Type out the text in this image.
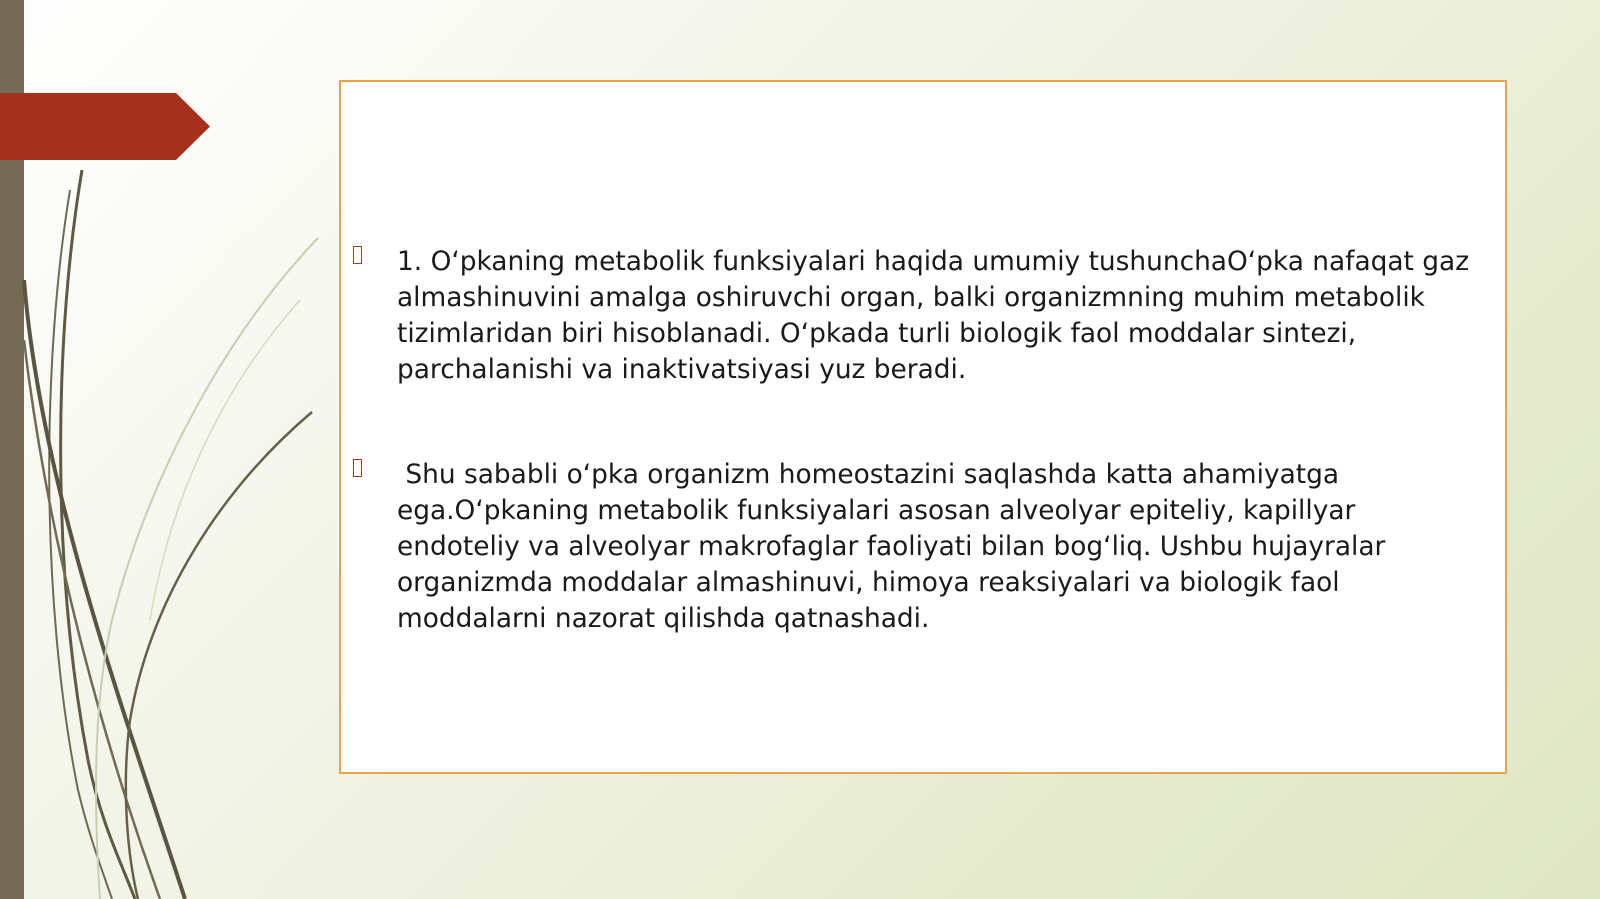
1. O‘pkaning metabolik funksiyalari haqida umumiy tushunchaO‘pka nafaqat gaz almashinuvini amalga oshiruvchi organ, balki organizmning muhim metabolik tizimlaridan biri hisoblanadi. O‘pkada turli biologik faol moddalar sintezi, parchalanishi va inaktivatsiyasi yuz beradi.
Shu sababli o‘pka organizm homeostazini saqlashda katta ahamiyatga ega.O‘pkaning metabolik funksiyalari asosan alveolyar epiteliy, kapillyar endoteliy va alveolyar makrofaglar faoliyati bilan bog‘liq. Ushbu hujayralar organizmda moddalar almashinuvi, himoya reaksiyalari va biologik faol moddalarni nazorat qilishda qatnashadi.
